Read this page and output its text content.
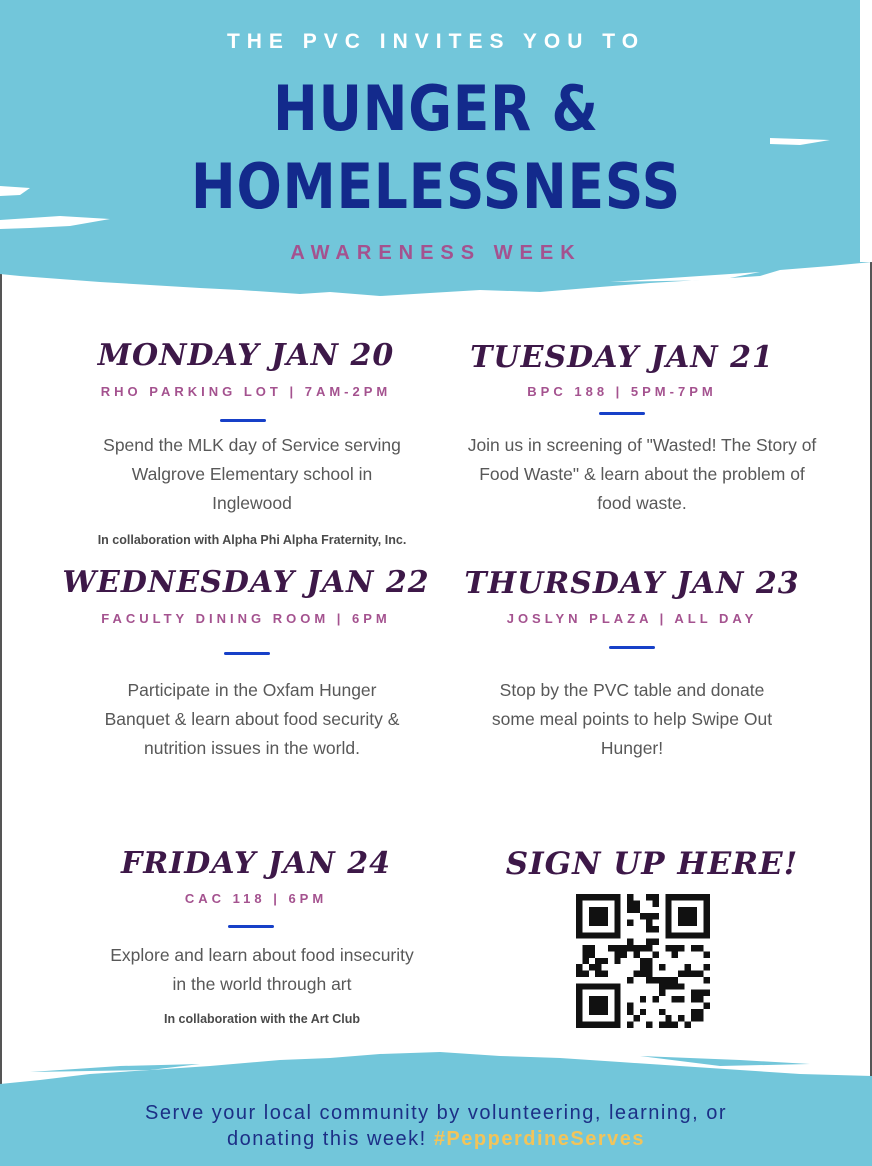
THE PVC INVITES YOU TO
HUNGER &
HOMELESSNESS
AWARENESS WEEK
MONDAY JAN 20
RHO PARKING LOT | 7AM-2PM
Spend the MLK day of Service serving
Walgrove Elementary school in
Inglewood
In collaboration with Alpha Phi Alpha Fraternity, Inc.
TUESDAY JAN 21
BPC 188 | 5PM-7PM
Join us in screening of "Wasted! The Story of
Food Waste" & learn about the problem of
food waste.
WEDNESDAY JAN 22
FACULTY DINING ROOM | 6PM
Participate in the Oxfam Hunger
Banquet & learn about food security &
nutrition issues in the world.
THURSDAY JAN 23
JOSLYN PLAZA | ALL DAY
Stop by the PVC table and donate
some meal points to help Swipe Out
Hunger!
FRIDAY JAN 24
CAC 118 | 6PM
Explore and learn about food insecurity
in the world through art
In collaboration with the Art Club
SIGN UP HERE!
Serve your local community by volunteering, learning, or
donating this week! #PepperdineServes
